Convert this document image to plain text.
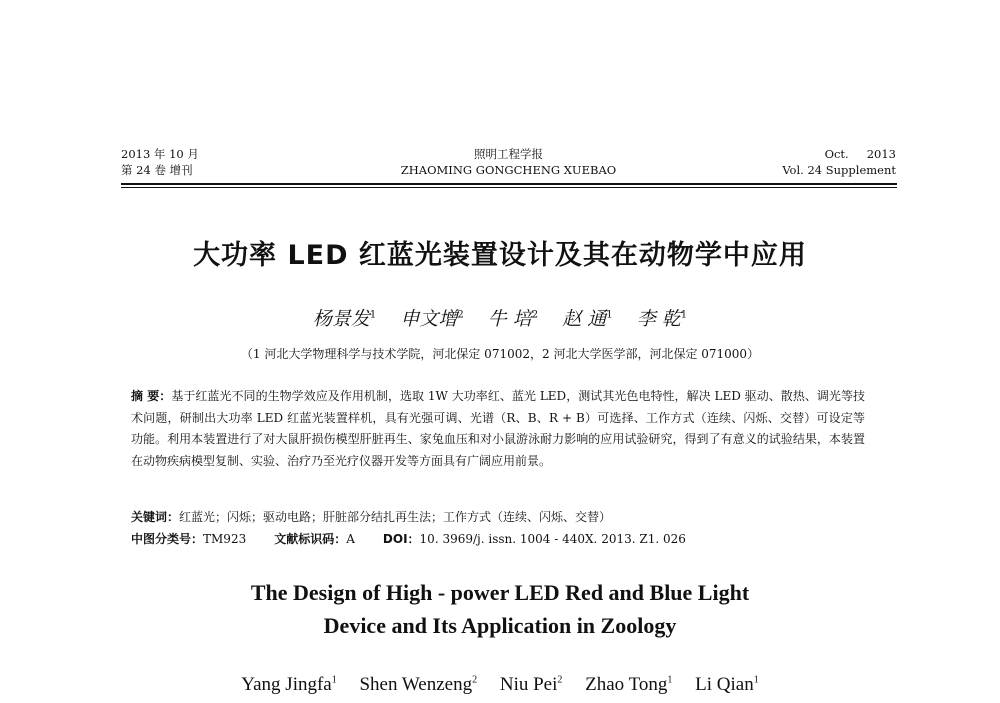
2013 年 10 月
第 24 卷 增刊
照明工程学报
ZHAOMING GONGCHENG XUEBAO
Oct. 2013
Vol. 24 Supplement
大功率 LED 红蓝光装置设计及其在动物学中应用
杨景发$^1$ 申文增$^2$ 牛 培$^2$ 赵 通$^1$ 李 乾$^1$
（1 河北大学物理科学与技术学院，河北保定 071002，2 河北大学医学部，河北保定 071000）
摘 要：基于红蓝光不同的生物学效应及作用机制，选取 1W 大功率红、蓝光 LED，测试其光色电特性，解决 LED 驱动、散热、调光等技术问题，研制出大功率 LED 红蓝光装置样机，具有光强可调、光谱（R、B、R + B）可选择、工作方式（连续、闪烁、交替）可设定等功能。利用本装置进行了对大鼠肝损伤模型肝脏再生、家兔血压和对小鼠游泳耐力影响的应用试验研究，得到了有意义的试验结果，本装置在动物疾病模型复制、实验、治疗乃至光疗仪器开发等方面具有广阔应用前景。
关键词：红蓝光；闪烁；驱动电路；肝脏部分结扎再生法；工作方式（连续、闪烁、交替）
中图分类号：TM923 文献标识码：A DOI：10. 3969/j. issn. 1004 - 440X. 2013. Z1. 026
The Design of High - power LED Red and Blue Light
Device and Its Application in Zoology
Yang Jingfa$^1$ Shen Wenzeng$^2$ Niu Pei$^2$ Zhao Tong$^1$ Li Qian$^1$
